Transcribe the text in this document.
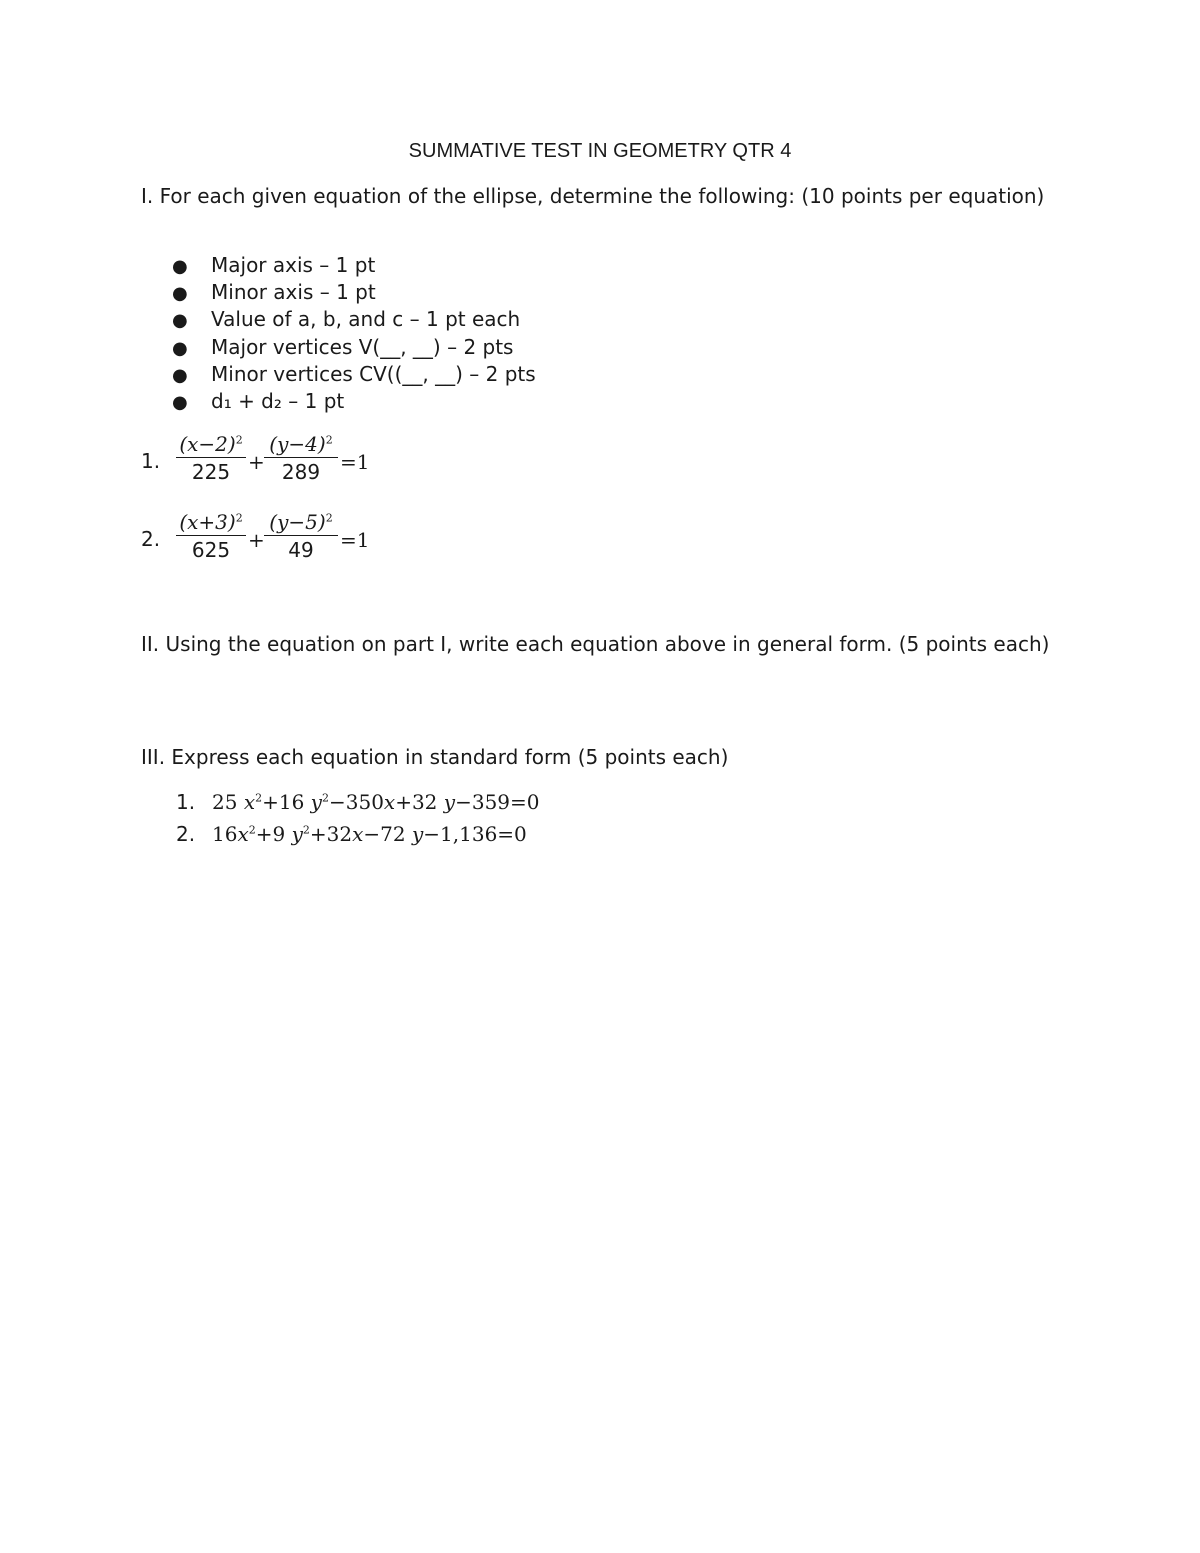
SUMMATIVE TEST IN GEOMETRY QTR 4
I. For each given equation of the ellipse, determine the following: (10 points per equation)
● Major axis – 1 pt
● Minor axis – 1 pt
● Value of a, b, and c – 1 pt each
● Major vertices V(__, __) – 2 pts
● Minor vertices CV((__, __) – 2 pts
● d₁ + d₂ – 1 pt
1. $\frac{(x-2)^2}{225} + \frac{(y-4)^2}{289} =1$
2. $\frac{(x+3)^2}{625} + \frac{(y-5)^2}{49} =1$
II. Using the equation on part I, write each equation above in general form. (5 points each)
III. Express each equation in standard form (5 points each)
1. 25 $x^2+16$ $y^2-350x+32$ y−359=0
2. $16x^2+9$ $y^2+32x-72$ y−1,136=0
